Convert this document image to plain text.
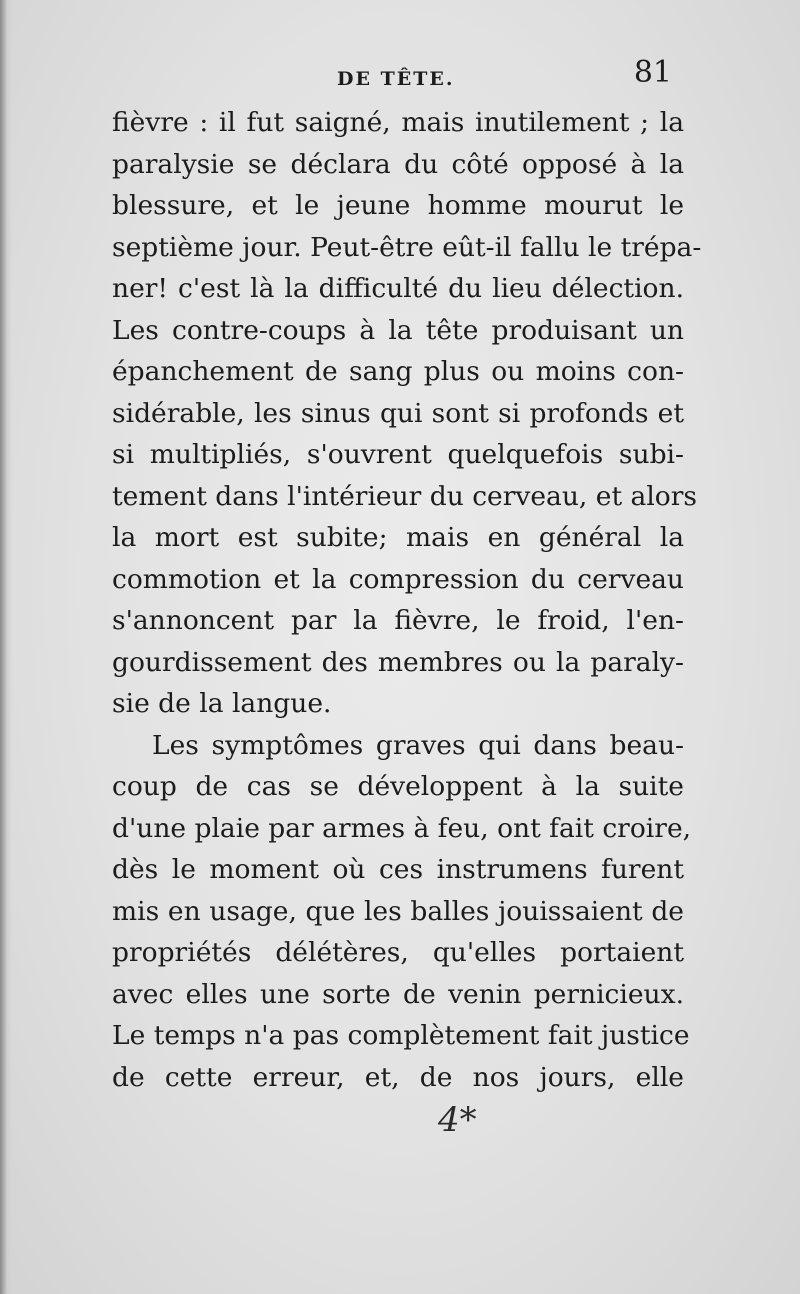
DE TÊTE.	81

fièvre : il fut saigné, mais inutilement ; la
paralysie se déclara du côté opposé à la
blessure, et le jeune homme mourut le
septième jour. Peut-être eût-il fallu le trépa-
ner! c'est là la difficulté du lieu délection.
Les contre-coups à la tête produisant un
épanchement de sang plus ou moins con-
sidérable, les sinus qui sont si profonds et
si multipliés, s'ouvrent quelquefois subi-
tement dans l'intérieur du cerveau, et alors
la mort est subite; mais en général la
commotion et la compression du cerveau
s'annoncent par la fièvre, le froid, l'en-
gourdissement des membres ou la paraly-
sie de la langue.

Les symptômes graves qui dans beau-
coup de cas se développent à la suite
d'une plaie par armes à feu, ont fait croire,
dès le moment où ces instrumens furent
mis en usage, que les balles jouissaient de
propriétés délétères, qu'elles portaient
avec elles une sorte de venin pernicieux.
Le temps n'a pas complètement fait justice
de cette erreur, et, de nos jours, elle

4*
